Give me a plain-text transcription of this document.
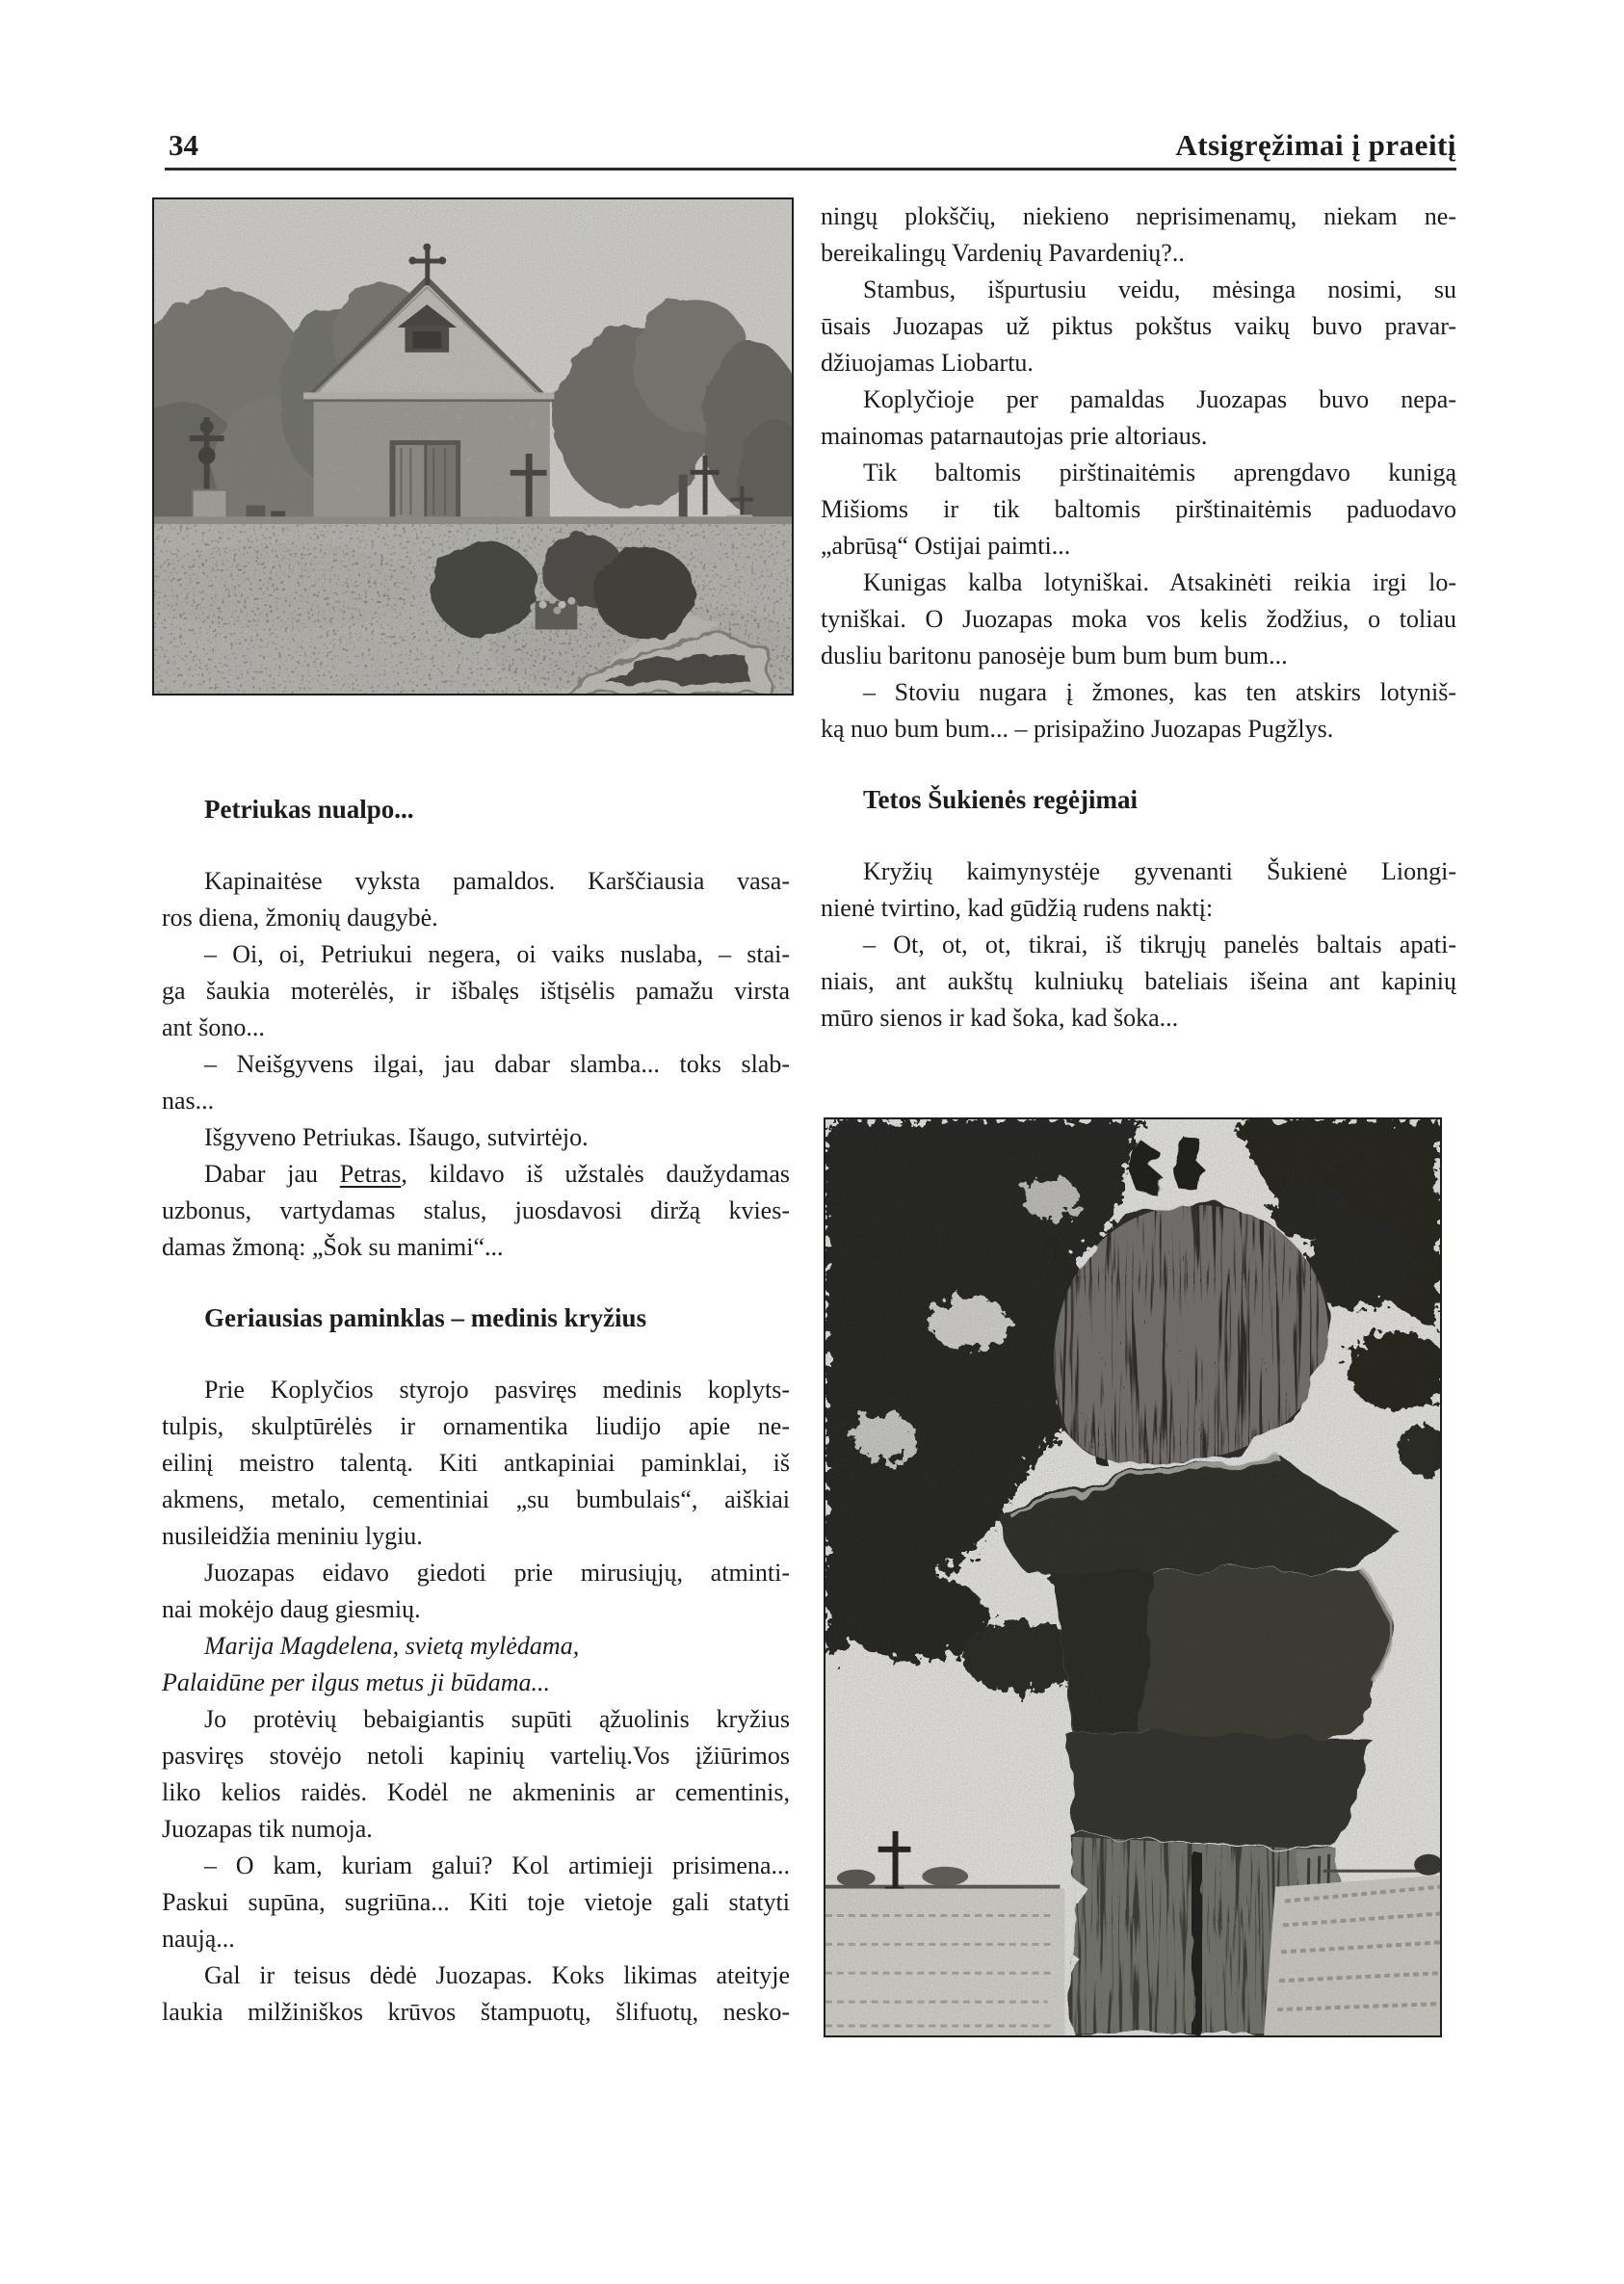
34	Atsigręžimai į praeitį
Petriukas nualpo...
Kapinaitėse vyksta pamaldos. Karščiausia vasa-
ros diena, žmonių daugybė.
– Oi, oi, Petriukui negera, oi vaiks nuslaba, – stai-
ga šaukia moterėlės, ir išbalęs ištįsėlis pamažu virsta
ant šono...
– Neišgyvens ilgai, jau dabar slamba... toks slab-
nas...
Išgyveno Petriukas. Išaugo, sutvirtėjo.
Dabar jau Petras, kildavo iš užstalės daužydamas
uzbonus, vartydamas stalus, juosdavosi diržą kvies-
damas žmoną: „Šok su manimi“...
Geriausias paminklas – medinis kryžius
Prie Koplyčios styrojo pasviręs medinis koplyts-
tulpis, skulptūrėlės ir ornamentika liudijo apie ne-
eilinį meistro talentą. Kiti antkapiniai paminklai, iš
akmens, metalo, cementiniai „su bumbulais“, aiškiai
nusileidžia meniniu lygiu.
Juozapas eidavo giedoti prie mirusiųjų, atminti-
nai mokėjo daug giesmių.
Marija Magdelena, svietą mylėdama,
Palaidūne per ilgus metus ji būdama...
Jo protėvių bebaigiantis supūti ąžuolinis kryžius
pasviręs stovėjo netoli kapinių vartelių.Vos įžiūrimos
liko kelios raidės. Kodėl ne akmeninis ar cementinis,
Juozapas tik numoja.
– O kam, kuriam galui? Kol artimieji prisimena...
Paskui supūna, sugriūna... Kiti toje vietoje gali statyti
naują...
Gal ir teisus dėdė Juozapas. Koks likimas ateityje
laukia milžiniškos krūvos štampuotų, šlifuotų, nesko-
ningų plokščių, niekieno neprisimenamų, niekam ne-
bereikalingų Vardenių Pavardenių?..
Stambus, išpurtusiu veidu, mėsinga nosimi, su
ūsais Juozapas už piktus pokštus vaikų buvo pravar-
džiuojamas Liobartu.
Koplyčioje per pamaldas Juozapas buvo nepa-
mainomas patarnautojas prie altoriaus.
Tik baltomis pirštinaitėmis aprengdavo kunigą
Mišioms ir tik baltomis pirštinaitėmis paduodavo
„abrūsą“ Ostijai paimti...
Kunigas kalba lotyniškai. Atsakinėti reikia irgi lo-
tyniškai. O Juozapas moka vos kelis žodžius, o toliau
dusliu baritonu panosėje bum bum bum bum...
– Stoviu nugara į žmones, kas ten atskirs lotyniš-
ką nuo bum bum... – prisipažino Juozapas Pugžlys.
Tetos Šukienės regėjimai
Kryžių kaimynystėje gyvenanti Šukienė Liongi-
nienė tvirtino, kad gūdžią rudens naktį:
– Ot, ot, ot, tikrai, iš tikrųjų panelės baltais apati-
niais, ant aukštų kulniukų bateliais išeina ant kapinių
mūro sienos ir kad šoka, kad šoka...
